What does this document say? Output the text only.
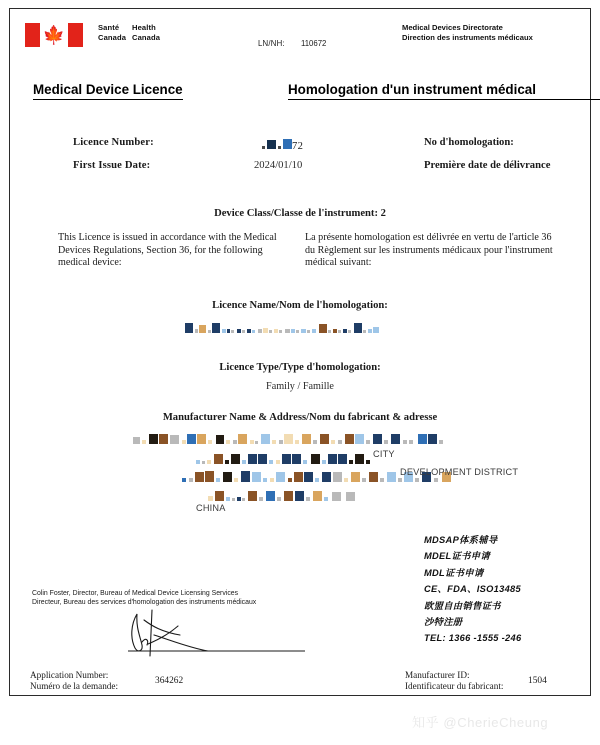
🍁	Santé Health
Canada Canada
LN/NH: 110672
Medical Devices Directorate
Direction des instruments médicaux
Medical Device Licence	Homologation d'un instrument médical
Licence Number:	72	No d'homologation:
First Issue Date:	2024/01/10	Première date de délivrance
Device Class/Classe de l'instrument: 2
This Licence is issued in accordance with the Medical Devices Regulations, Section 36, for the following medical device:
La présente homologation est délivrée en vertu de l'article 36 du Règlement sur les instruments médicaux pour l'instrument médical suivant:
Licence Name/Nom de l'homologation:
Licence Type/Type d'homologation:
Family / Famille
Manufacturer Name & Address/Nom du fabricant & adresse
CITY
DEVELOPMENT DISTRICT
CHINA
MDSAP体系辅导
MDEL证书申请
MDL证书申请
CE、FDA、ISO13485
欧盟自由销售证书
沙特注册
TEL: 1366 -1555 -246
Colin Foster, Director, Bureau of Medical Device Licensing Services
Directeur, Bureau des services d'homologation des instruments médicaux
Application Number:
Numéro de la demande:	364262
Manufacturer ID:
Identificateur du fabricant:	1504
知乎 @CherieCheung
